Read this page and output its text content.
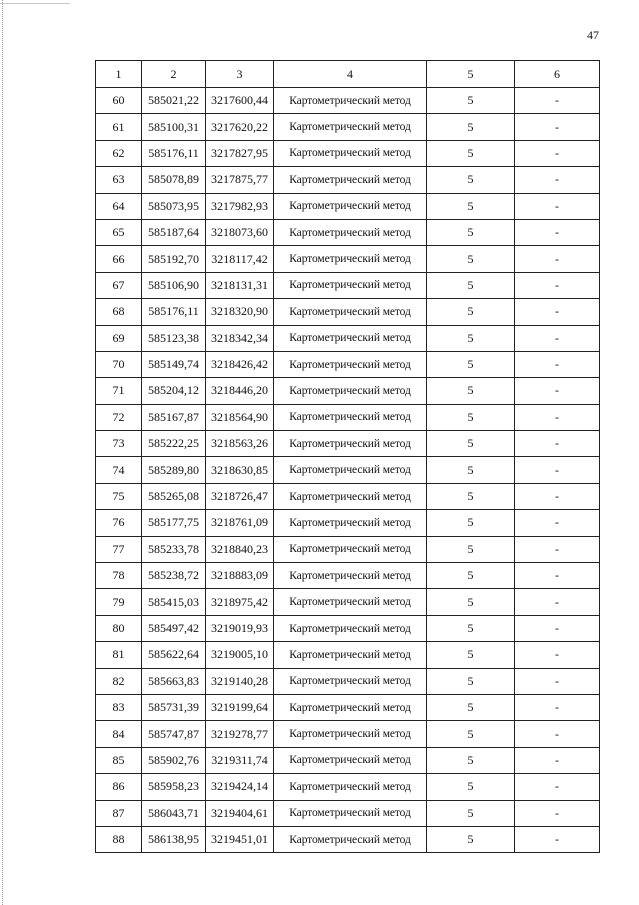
47
1	2	3	4	5	6
60	585021,22	3217600,44	Картометрический метод	5	-
61	585100,31	3217620,22	Картометрический метод	5	-
62	585176,11	3217827,95	Картометрический метод	5	-
63	585078,89	3217875,77	Картометрический метод	5	-
64	585073,95	3217982,93	Картометрический метод	5	-
65	585187,64	3218073,60	Картометрический метод	5	-
66	585192,70	3218117,42	Картометрический метод	5	-
67	585106,90	3218131,31	Картометрический метод	5	-
68	585176,11	3218320,90	Картометрический метод	5	-
69	585123,38	3218342,34	Картометрический метод	5	-
70	585149,74	3218426,42	Картометрический метод	5	-
71	585204,12	3218446,20	Картометрический метод	5	-
72	585167,87	3218564,90	Картометрический метод	5	-
73	585222,25	3218563,26	Картометрический метод	5	-
74	585289,80	3218630,85	Картометрический метод	5	-
75	585265,08	3218726,47	Картометрический метод	5	-
76	585177,75	3218761,09	Картометрический метод	5	-
77	585233,78	3218840,23	Картометрический метод	5	-
78	585238,72	3218883,09	Картометрический метод	5	-
79	585415,03	3218975,42	Картометрический метод	5	-
80	585497,42	3219019,93	Картометрический метод	5	-
81	585622,64	3219005,10	Картометрический метод	5	-
82	585663,83	3219140,28	Картометрический метод	5	-
83	585731,39	3219199,64	Картометрический метод	5	-
84	585747,87	3219278,77	Картометрический метод	5	-
85	585902,76	3219311,74	Картометрический метод	5	-
86	585958,23	3219424,14	Картометрический метод	5	-
87	586043,71	3219404,61	Картометрический метод	5	-
88	586138,95	3219451,01	Картометрический метод	5	-
